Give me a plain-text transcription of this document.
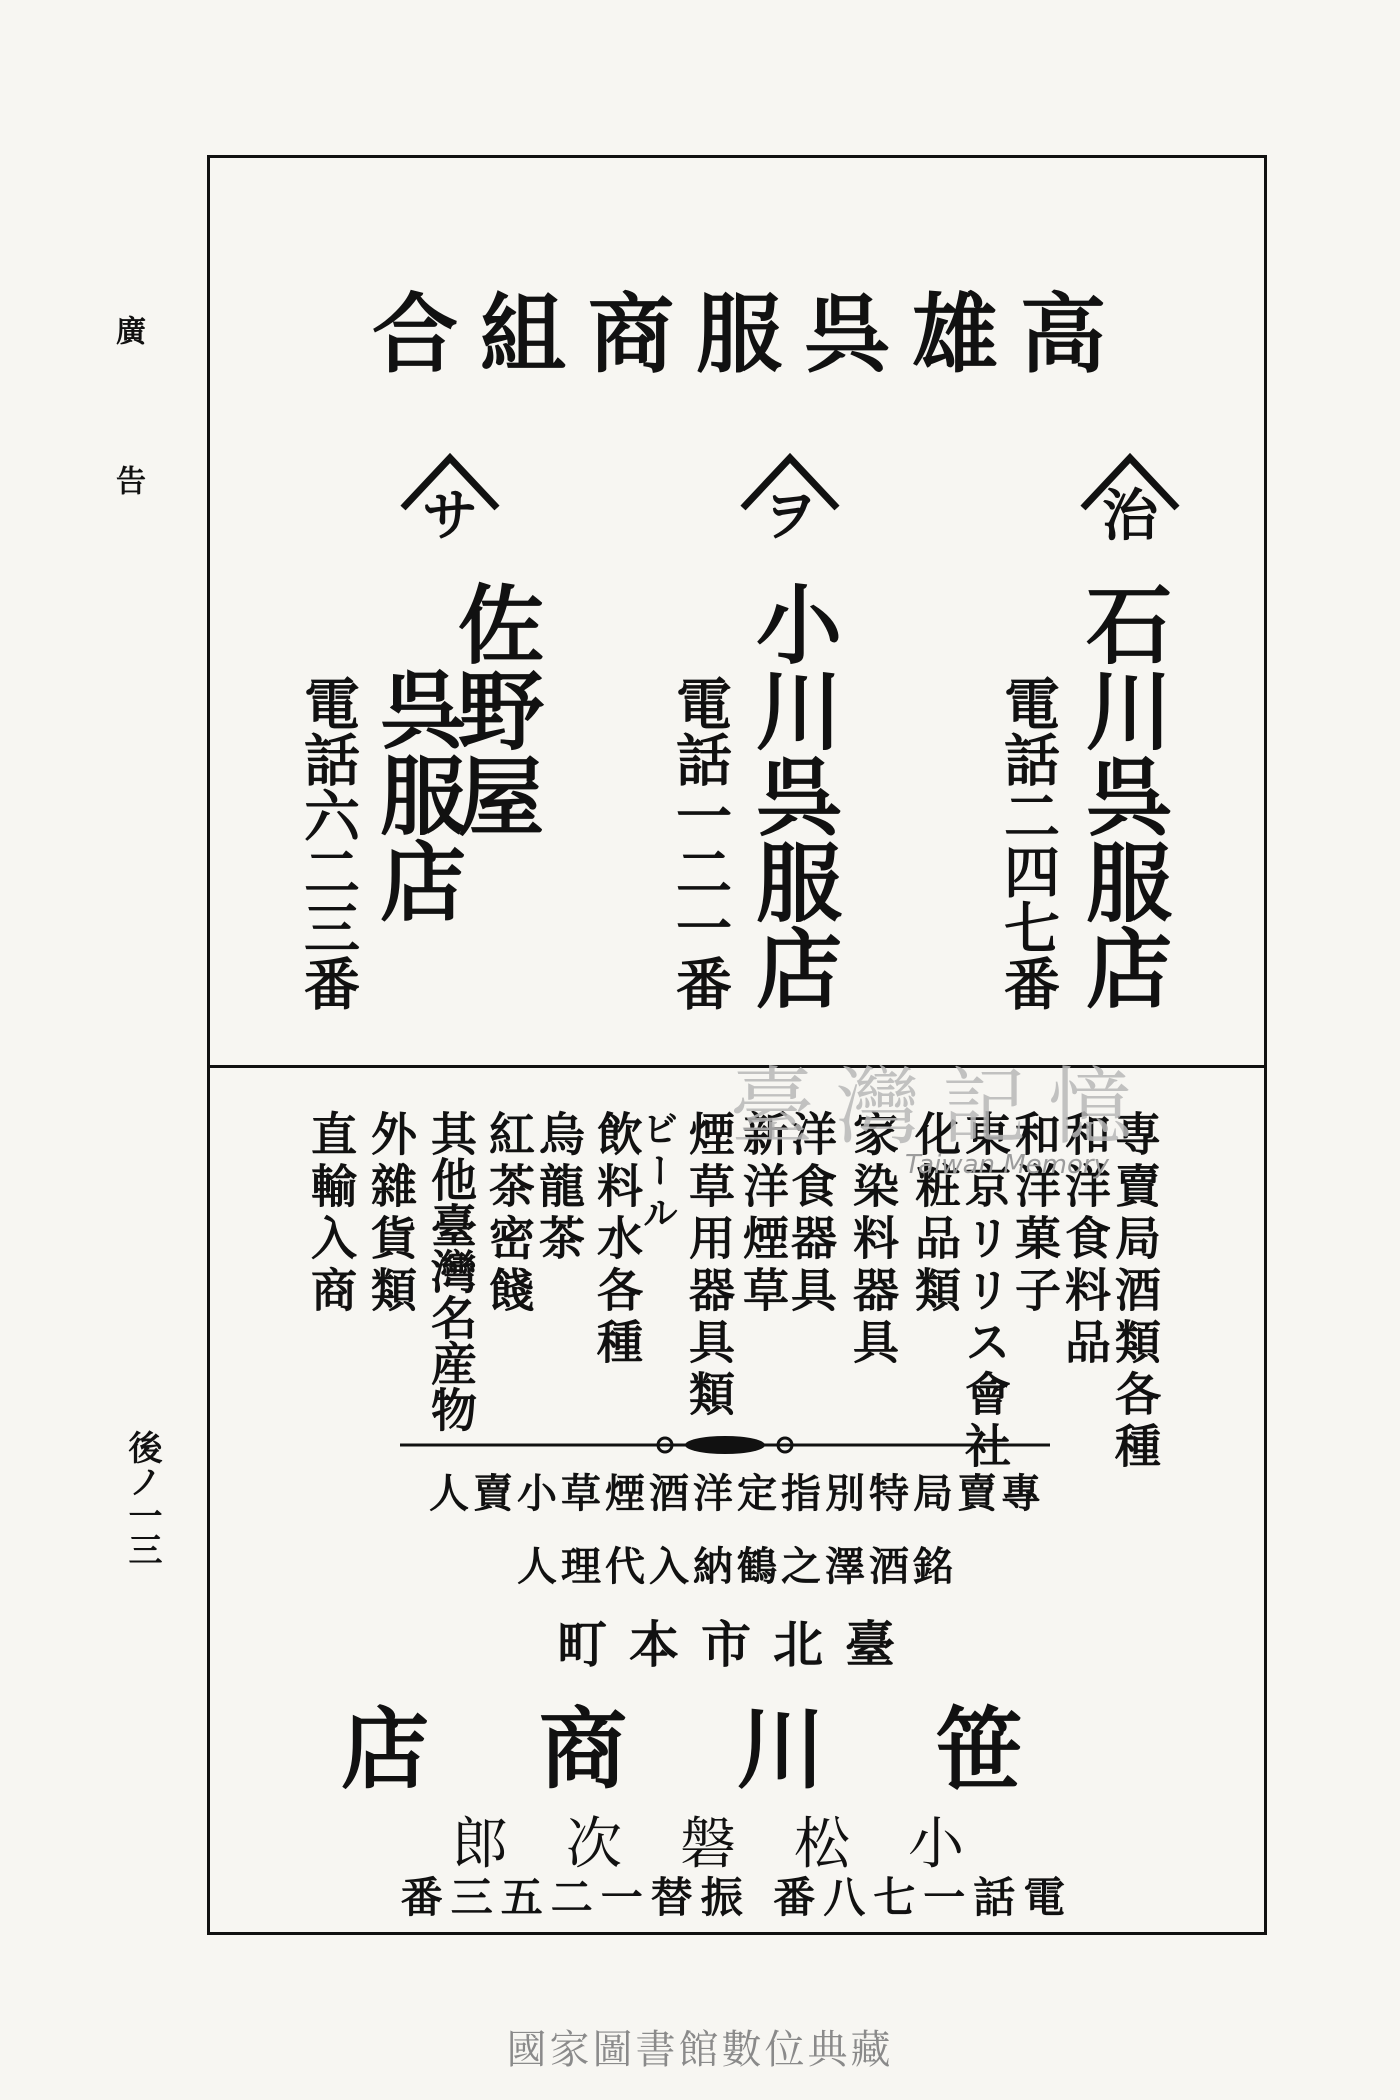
廣告
後ノ一三
高雄呉服商組合
治
石川呉服店
電話二四七番
ヲ
小川呉服店
電話一二一番
サ
佐野屋
呉服店
電話六二三番
専賣局酒類各種
和洋食料品
和洋菓子
東京リリス會社
化粧品類
家染料器具
洋食器具
新洋煙草
煙草用器具類
ビール
飲料水各種
烏龍茶
紅茶密餞
其他臺灣名産物
外雜貨類
直輸入商
專賣局特別指定洋酒煙草小賣人
銘酒澤之鶴納入代理人
臺北市本町
笹川商店
小松磐次郎
電話一七八番 振替一二五三番
臺灣記憶
Taiwan Memory
國家圖書館數位典藏
